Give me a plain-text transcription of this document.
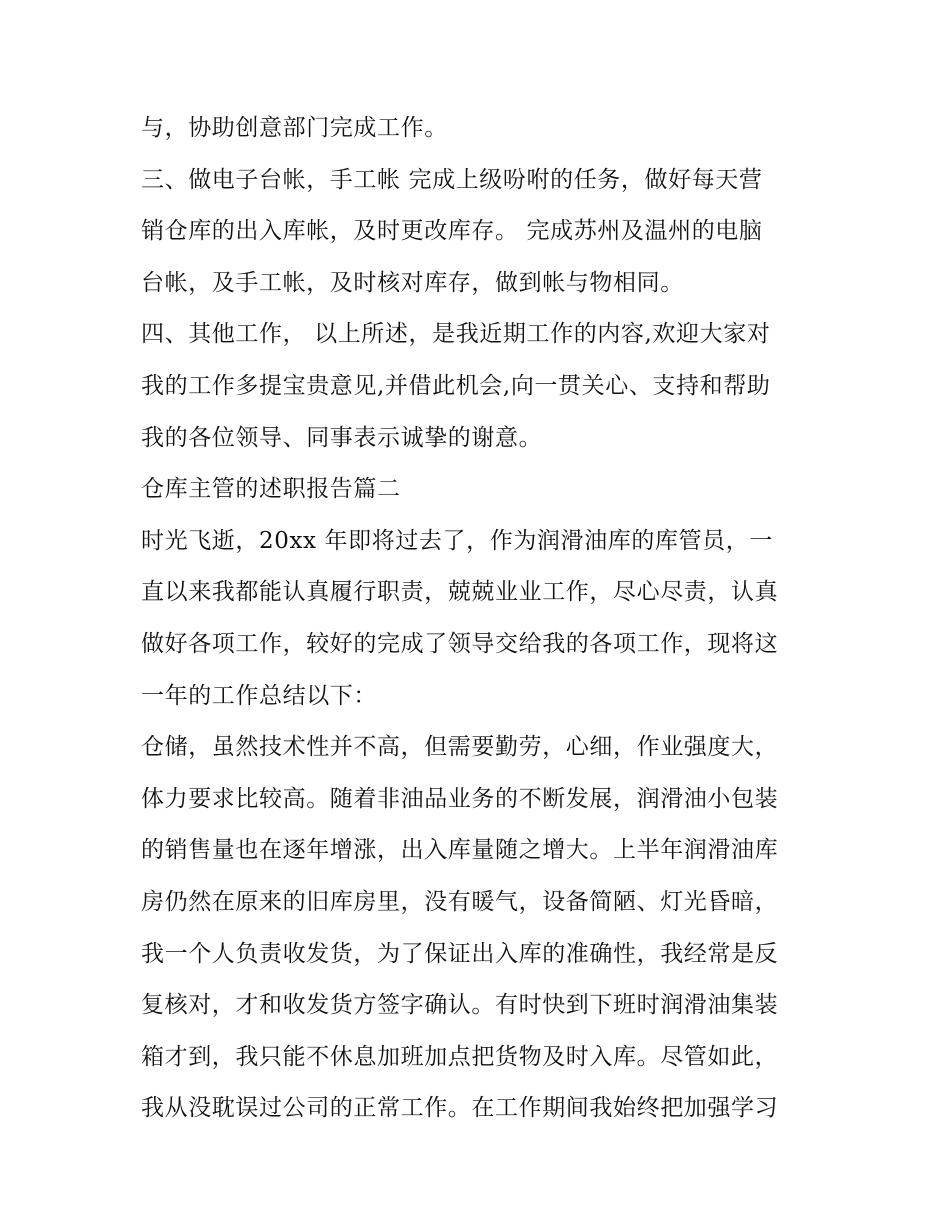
与，协助创意部门完成工作。
三、做电子台帐，手工帐 完成上级吩咐的任务，做好每天营
销仓库的出入库帐，及时更改库存。 完成苏州及温州的电脑
台帐，及手工帐，及时核对库存，做到帐与物相同。
四、其他工作， 以上所述，是我近期工作的内容,欢迎大家对
我的工作多提宝贵意见,并借此机会,向一贯关心、支持和帮助
我的各位领导、同事表示诚挚的谢意。
仓库主管的述职报告篇二
时光飞逝，20xx 年即将过去了，作为润滑油库的库管员，一
直以来我都能认真履行职责，兢兢业业工作，尽心尽责，认真
做好各项工作，较好的完成了领导交给我的各项工作，现将这
一年的工作总结以下：
仓储，虽然技术性并不高，但需要勤劳，心细，作业强度大，
体力要求比较高。随着非油品业务的不断发展，润滑油小包装
的销售量也在逐年增涨，出入库量随之增大。上半年润滑油库
房仍然在原来的旧库房里，没有暖气，设备简陋、灯光昏暗，
我一个人负责收发货，为了保证出入库的准确性，我经常是反
复核对，才和收发货方签字确认。有时快到下班时润滑油集装
箱才到，我只能不休息加班加点把货物及时入库。尽管如此，
我从没耽误过公司的正常工作。在工作期间我始终把加强学习
